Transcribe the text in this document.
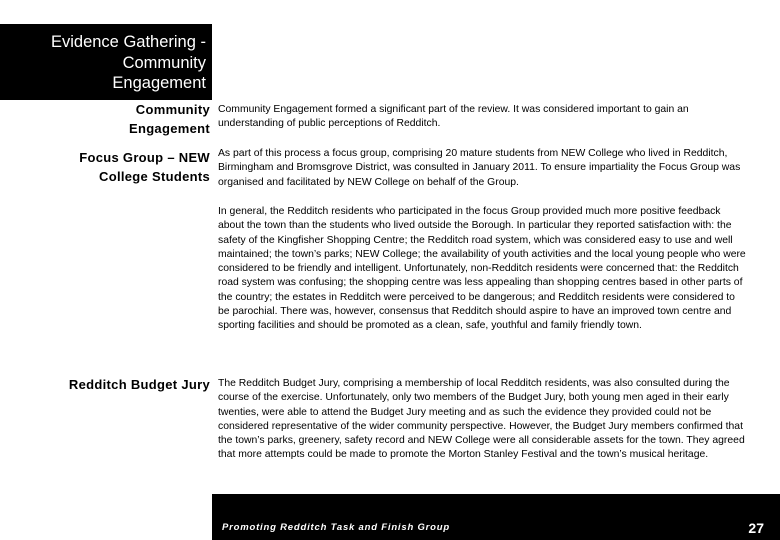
Evidence Gathering -
Community
Engagement
Community
Engagement
Community Engagement formed a significant part of the review. It was considered important to gain an understanding of public perceptions of Redditch.
Focus Group – NEW
College Students
As part of this process a focus group, comprising 20 mature students from NEW College who lived in Redditch, Birmingham and Bromsgrove District, was consulted in January 2011. To ensure impartiality the Focus Group was organised and facilitated by NEW College on behalf of the Group.
In general, the Redditch residents who participated in the focus Group provided much more positive feedback about the town than the students who lived outside the Borough. In particular they reported satisfaction with: the safety of the Kingfisher Shopping Centre; the Redditch road system, which was considered easy to use and well maintained; the town’s parks; NEW College; the availability of youth activities and the local young people who were considered to be friendly and intelligent. Unfortunately, non-Redditch residents were concerned that: the Redditch road system was confusing; the shopping centre was less appealing than shopping centres based in other parts of the country; the estates in Redditch were perceived to be dangerous; and Redditch residents were considered to be parochial. There was, however, consensus that Redditch should aspire to have an improved town centre and sporting facilities and should be promoted as a clean, safe, youthful and family friendly town.
Redditch Budget Jury The Redditch Budget Jury, comprising a membership of local Redditch residents, was also consulted during the course of the exercise. Unfortunately, only two members of the Budget Jury, both young men aged in their early twenties, were able to attend the Budget Jury meeting and as such the evidence they provided could not be considered representative of the wider community perspective. However, the Budget Jury members confirmed that the town’s parks, greenery, safety record and NEW College were all considerable assets for the town. They agreed that more attempts could be made to promote the Morton Stanley Festival and the town’s musical heritage.
Promoting Redditch Task and Finish Group	27
